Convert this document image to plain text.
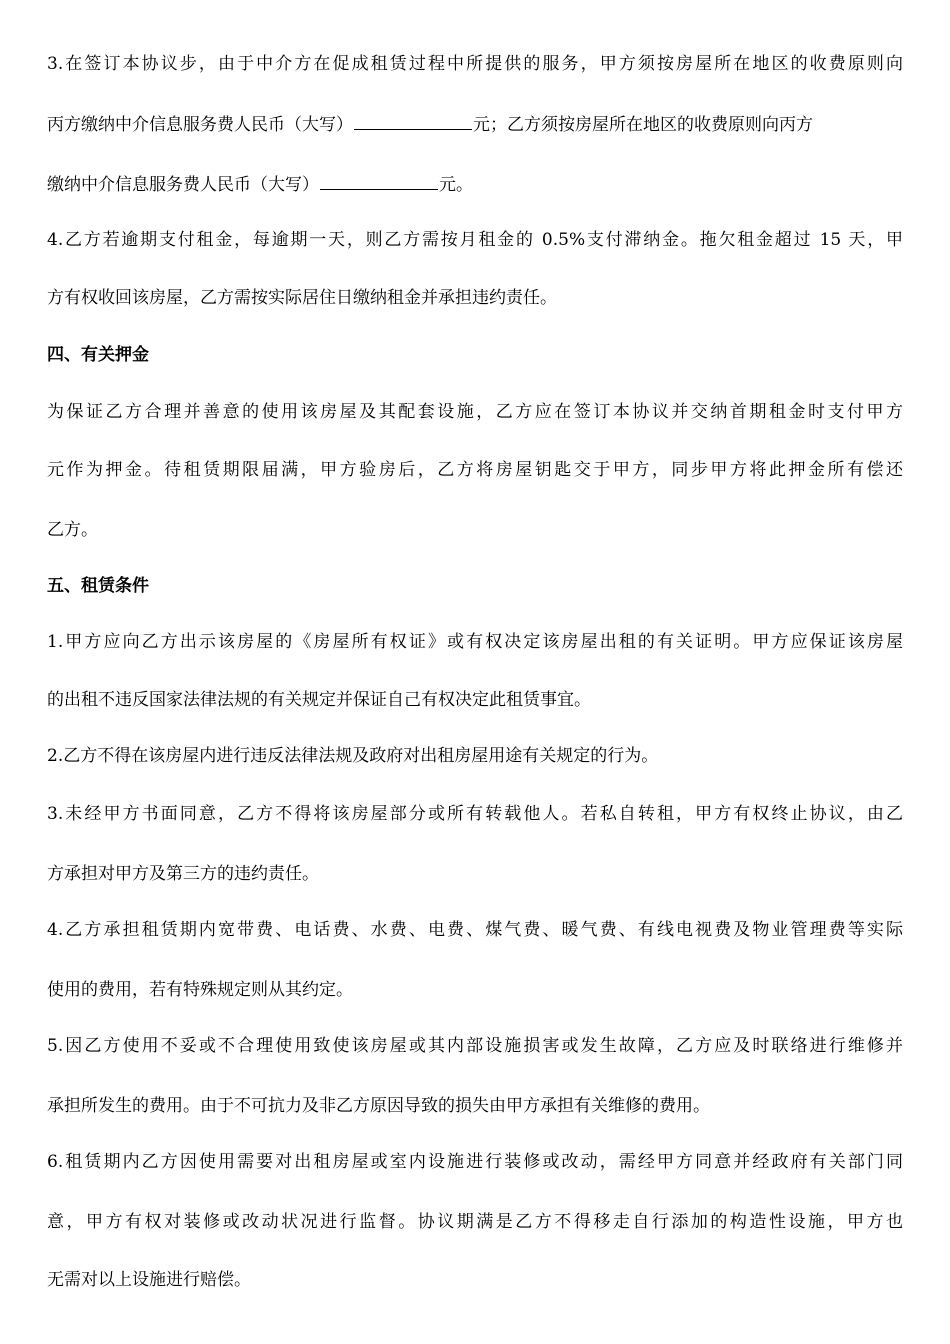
3.在签订本协议步，由于中介方在促成租赁过程中所提供的服务，甲方须按房屋所在地区的收费原则向
丙方缴纳中介信息服务费人民币（大写）	元；乙方须按房屋所在地区的收费原则向丙方
缴纳中介信息服务费人民币（大写）	元。
4.乙方若逾期支付租金，每逾期一天，则乙方需按月租金的 0.5%支付滞纳金。拖欠租金超过 15 天，甲
方有权收回该房屋，乙方需按实际居住日缴纳租金并承担违约责任。
四、有关押金
为保证乙方合理并善意的使用该房屋及其配套设施，乙方应在签订本协议并交纳首期租金时支付甲方
元作为押金。待租赁期限届满，甲方验房后，乙方将房屋钥匙交于甲方，同步甲方将此押金所有偿还
乙方。
五、租赁条件
1.甲方应向乙方出示该房屋的《房屋所有权证》或有权决定该房屋出租的有关证明。甲方应保证该房屋
的出租不违反国家法律法规的有关规定并保证自己有权决定此租赁事宜。
2.乙方不得在该房屋内进行违反法律法规及政府对出租房屋用途有关规定的行为。
3.未经甲方书面同意，乙方不得将该房屋部分或所有转载他人。若私自转租，甲方有权终止协议，由乙
方承担对甲方及第三方的违约责任。
4.乙方承担租赁期内宽带费、电话费、水费、电费、煤气费、暖气费、有线电视费及物业管理费等实际
使用的费用，若有特殊规定则从其约定。
5.因乙方使用不妥或不合理使用致使该房屋或其内部设施损害或发生故障，乙方应及时联络进行维修并
承担所发生的费用。由于不可抗力及非乙方原因导致的损失由甲方承担有关维修的费用。
6.租赁期内乙方因使用需要对出租房屋或室内设施进行装修或改动，需经甲方同意并经政府有关部门同
意，甲方有权对装修或改动状况进行监督。协议期满是乙方不得移走自行添加的构造性设施，甲方也
无需对以上设施进行赔偿。
